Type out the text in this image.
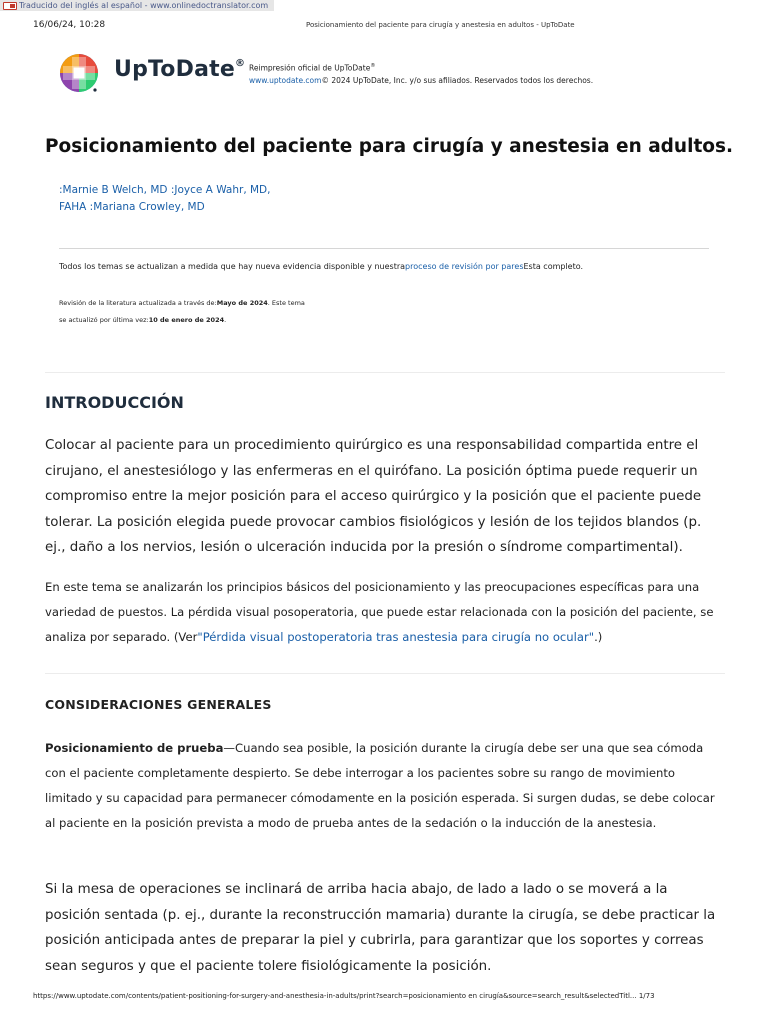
Traducido del inglés al español - www.onlinedoctranslator.com
16/06/24, 10:28	Posicionamiento del paciente para cirugía y anestesia en adultos - UpToDate
UpToDate® Reimpresión oficial de UpToDate®
www.uptodate.com© 2024 UpToDate, Inc. y/o sus afiliados. Reservados todos los derechos.
Posicionamiento del paciente para cirugía y anestesia en adultos.
:Marnie B Welch, MD :Joyce A Wahr, MD,
FAHA :Mariana Crowley, MD
Todos los temas se actualizan a medida que hay nueva evidencia disponible y nuestraproceso de revisión por paresEsta completo.
Revisión de la literatura actualizada a través de:Mayo de 2024. Este tema
se actualizó por última vez:10 de enero de 2024.
INTRODUCCIÓN

Colocar al paciente para un procedimiento quirúrgico es una responsabilidad compartida entre el cirujano, el anestesiólogo y las enfermeras en el quirófano. La posición óptima puede requerir un compromiso entre la mejor posición para el acceso quirúrgico y la posición que el paciente puede tolerar. La posición elegida puede provocar cambios fisiológicos y lesión de los tejidos blandos (p. ej., daño a los nervios, lesión o ulceración inducida por la presión o síndrome compartimental).

En este tema se analizarán los principios básicos del posicionamiento y las preocupaciones específicas para una variedad de puestos. La pérdida visual posoperatoria, que puede estar relacionada con la posición del paciente, se analiza por separado. (Ver"Pérdida visual postoperatoria tras anestesia para cirugía no ocular".)

CONSIDERACIONES GENERALES

Posicionamiento de prueba—Cuando sea posible, la posición durante la cirugía debe ser una que sea cómoda con el paciente completamente despierto. Se debe interrogar a los pacientes sobre su rango de movimiento limitado y su capacidad para permanecer cómodamente en la posición esperada. Si surgen dudas, se debe colocar al paciente en la posición prevista a modo de prueba antes de la sedación o la inducción de la anestesia.

Si la mesa de operaciones se inclinará de arriba hacia abajo, de lado a lado o se moverá a la posición sentada (p. ej., durante la reconstrucción mamaria) durante la cirugía, se debe practicar la posición anticipada antes de preparar la piel y cubrirla, para garantizar que los soportes y correas sean seguros y que el paciente tolere fisiológicamente la posición.

https://www.uptodate.com/contents/patient-positioning-for-surgery-and-anesthesia-in-adults/print?search=posicionamiento en cirugía&source=search_result&selectedTitl... 1/73
